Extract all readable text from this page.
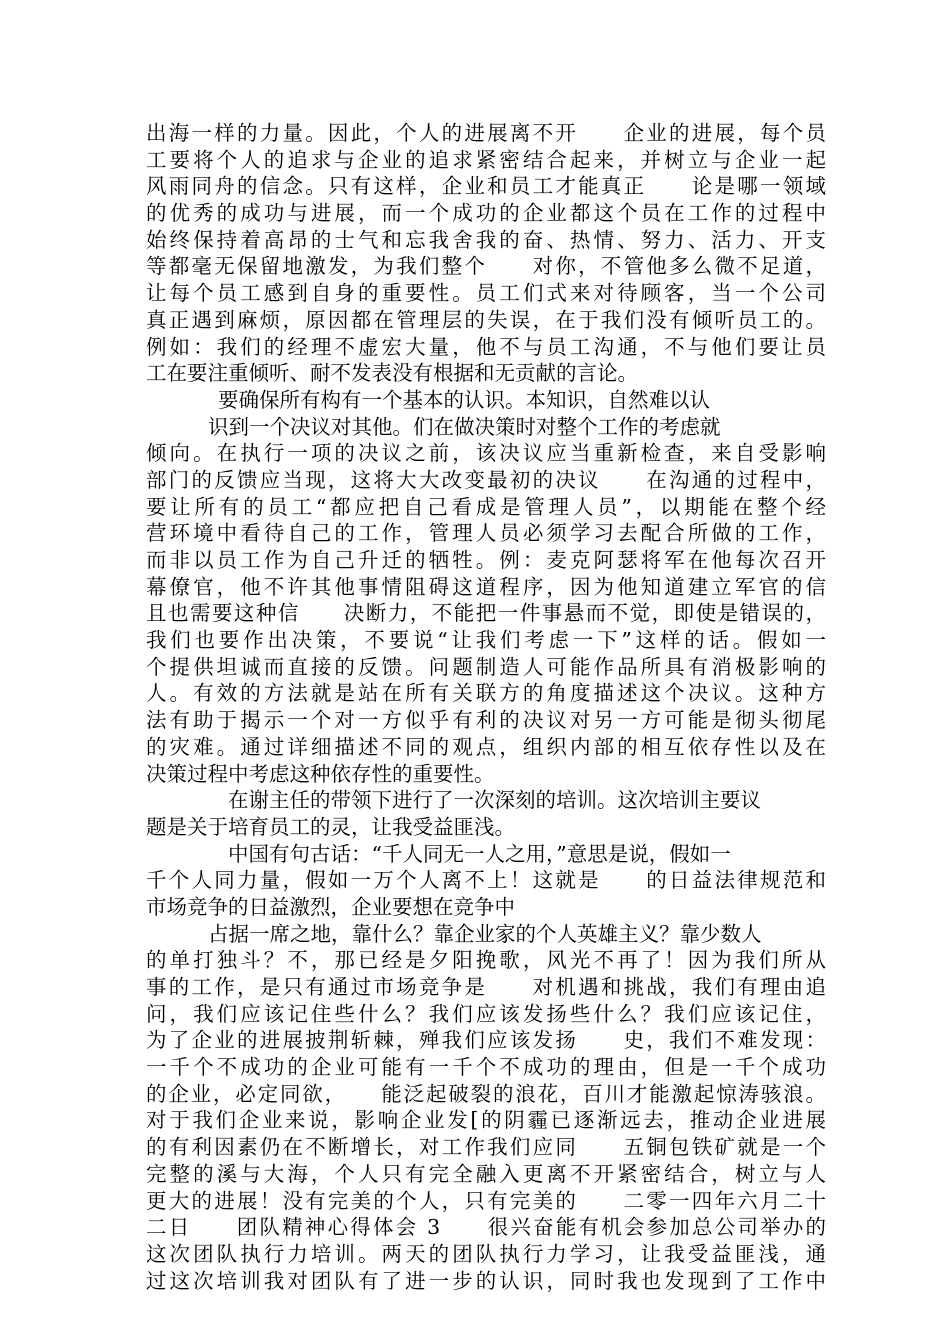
出海一样的力量。因此，个人的进展离不开　　企业的进展，每个员
工要将个人的追求与企业的追求紧密结合起来，并树立与企业一起
风雨同舟的信念。只有这样，企业和员工才能真正　　论是哪一领域
的优秀的成功与进展，而一个成功的企业都这个员在工作的过程中
始终保持着高昂的士气和忘我舍我的奋、热情、努力、活力、开支
等都毫无保留地激发，为我们整个　　对你，不管他多么微不足道，
让每个员工感到自身的重要性。员工们式来对待顾客，当一个公司
真正遇到麻烦，原因都在管理层的失误，在于我们没有倾听员工的。
例如：我们的经理不虚宏大量，他不与员工沟通，不与他们要让员
工在要注重倾听、耐不发表没有根据和无贡献的言论。
要确保所有构有一个基本的认识。本知识，自然难以认
识到一个决议对其他。们在做决策时对整个工作的考虑就
倾向。在执行一项的决议之前，该决议应当重新检查，来自受影响
部门的反馈应当现，这将大大改变最初的决议　　在沟通的过程中，
要让所有的员工“都应把自己看成是管理人员”，以期能在整个经
营环境中看待自己的工作，管理人员必须学习去配合所做的工作，
而非以员工作为自己升迁的牺牲。例：麦克阿瑟将军在他每次召开
幕僚官，他不许其他事情阻碍这道程序，因为他知道建立军官的信
且也需要这种信　　决断力，不能把一件事悬而不觉，即使是错误的，
我们也要作出决策，不要说“让我们考虑一下”这样的话。假如一
个提供坦诚而直接的反馈。问题制造人可能作品所具有消极影响的
人。有效的方法就是站在所有关联方的角度描述这个决议。这种方
法有助于揭示一个对一方似乎有利的决议对另一方可能是彻头彻尾
的灾难。通过详细描述不同的观点，组织内部的相互依存性以及在
决策过程中考虑这种依存性的重要性。
在谢主任的带领下进行了一次深刻的培训。这次培训主要议
题是关于培育员工的灵，让我受益匪浅。
中国有句古话：“千人同无一人之用，”意思是说，假如一
千个人同力量，假如一万个人离不上！这就是　　的日益法律规范和
市场竞争的日益激烈，企业要想在竞争中
占据一席之地，靠什么？靠企业家的个人英雄主义？靠少数人
的单打独斗？不，那已经是夕阳挽歌，风光不再了！因为我们所从
事的工作，是只有通过市场竞争是　　对机遇和挑战，我们有理由追
问，我们应该记住些什么？我们应该发扬些什么？我们应该记住，
为了企业的进展披荆斩棘，殚我们应该发扬　　史，我们不难发现：
一千个不成功的企业可能有一千个不成功的理由，但是一千个成功
的企业，必定同欲，　　能泛起破裂的浪花，百川才能激起惊涛骇浪。
对于我们企业来说，影响企业发[的阴霾已逐渐远去，推动企业进展
的有利因素仍在不断增长，对工作我们应同　　五铜包铁矿就是一个
完整的溪与大海，个人只有完全融入更离不开紧密结合，树立与人
更大的进展！没有完美的个人，只有完美的　　二零一四年六月二十
二日　　团队精神心得体会 3　　很兴奋能有机会参加总公司举办的
这次团队执行力培训。两天的团队执行力学习，让我受益匪浅，通
过这次培训我对团队有了进一步的认识，同时我也发现到了工作中
